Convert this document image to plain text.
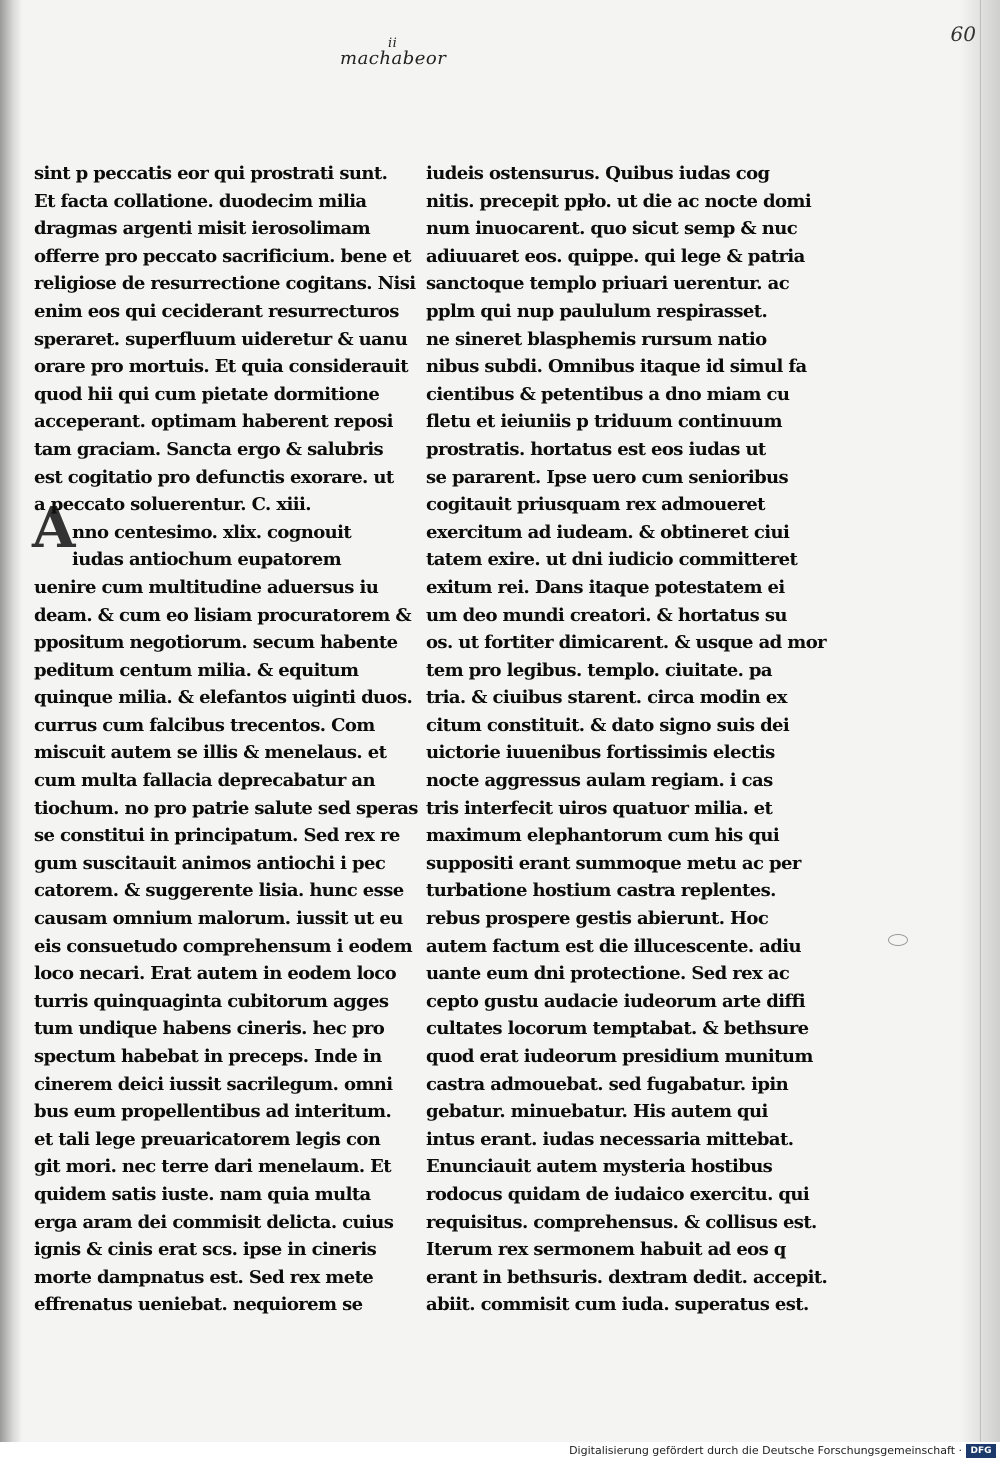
60
ii
machabeor
A
sint p peccatis eor qui prostrati sunt.
Et facta collatione. duodecim milia
dragmas argenti misit ierosolimam
offerre pro peccato sacrificium. bene et
religiose de resurrectione cogitans. Nisi
enim eos qui ceciderant resurrecturos
speraret. superfluum uideretur & uanu
orare pro mortuis. Et quia considerauit
quod hii qui cum pietate dormitione
acceperant. optimam haberent reposi
tam graciam. Sancta ergo & salubris
est cogitatio pro defunctis exorare. ut
a peccato soluerentur. C. xiii.
nno centesimo. xlix. cognouit
iudas antiochum eupatorem
uenire cum multitudine aduersus iu
deam. & cum eo lisiam procuratorem &
ppositum negotiorum. secum habente
peditum centum milia. & equitum
quinque milia. & elefantos uiginti duos.
currus cum falcibus trecentos. Com
miscuit autem se illis & menelaus. et
cum multa fallacia deprecabatur an
tiochum. no pro patrie salute sed speras
se constitui in principatum. Sed rex re
gum suscitauit animos antiochi i pec
catorem. & suggerente lisia. hunc esse
causam omnium malorum. iussit ut eu
eis consuetudo comprehensum i eodem
loco necari. Erat autem in eodem loco
turris quinquaginta cubitorum agges
tum undique habens cineris. hec pro
spectum habebat in preceps. Inde in
cinerem deici iussit sacrilegum. omni
bus eum propellentibus ad interitum.
et tali lege preuaricatorem legis con
git mori. nec terre dari menelaum. Et
quidem satis iuste. nam quia multa
erga aram dei commisit delicta. cuius
ignis & cinis erat scs. ipse in cineris
morte dampnatus est. Sed rex mete
effrenatus ueniebat. nequiorem se
iudeis ostensurus. Quibus iudas cog
nitis. precepit ppło. ut die ac nocte domi
num inuocarent. quo sicut semp & nuc
adiuuaret eos. quippe. qui lege & patria
sanctoque templo priuari uerentur. ac
pplm qui nup paululum respirasset.
ne sineret blasphemis rursum natio
nibus subdi. Omnibus itaque id simul fa
cientibus & petentibus a dno miam cu
fletu et ieiuniis p triduum continuum
prostratis. hortatus est eos iudas ut
se pararent. Ipse uero cum senioribus
cogitauit priusquam rex admoueret
exercitum ad iudeam. & obtineret ciui
tatem exire. ut dni iudicio committeret
exitum rei. Dans itaque potestatem ei
um deo mundi creatori. & hortatus su
os. ut fortiter dimicarent. & usque ad mor
tem pro legibus. templo. ciuitate. pa
tria. & ciuibus starent. circa modin ex
citum constituit. & dato signo suis dei
uictorie iuuenibus fortissimis electis
nocte aggressus aulam regiam. i cas
tris interfecit uiros quatuor milia. et
maximum elephantorum cum his qui
suppositi erant summoque metu ac per
turbatione hostium castra replentes.
rebus prospere gestis abierunt. Hoc
autem factum est die illucescente. adiu
uante eum dni protectione. Sed rex ac
cepto gustu audacie iudeorum arte diffi
cultates locorum temptabat. & bethsure
quod erat iudeorum presidium munitum
castra admouebat. sed fugabatur. ipin
gebatur. minuebatur. His autem qui
intus erant. iudas necessaria mittebat.
Enunciauit autem mysteria hostibus
rodocus quidam de iudaico exercitu. qui
requisitus. comprehensus. & collisus est.
Iterum rex sermonem habuit ad eos q
erant in bethsuris. dextram dedit. accepit.
abiit. commisit cum iuda. superatus est.
Digitalisierung gefördert durch die Deutsche Forschungsgemeinschaft · DFG
